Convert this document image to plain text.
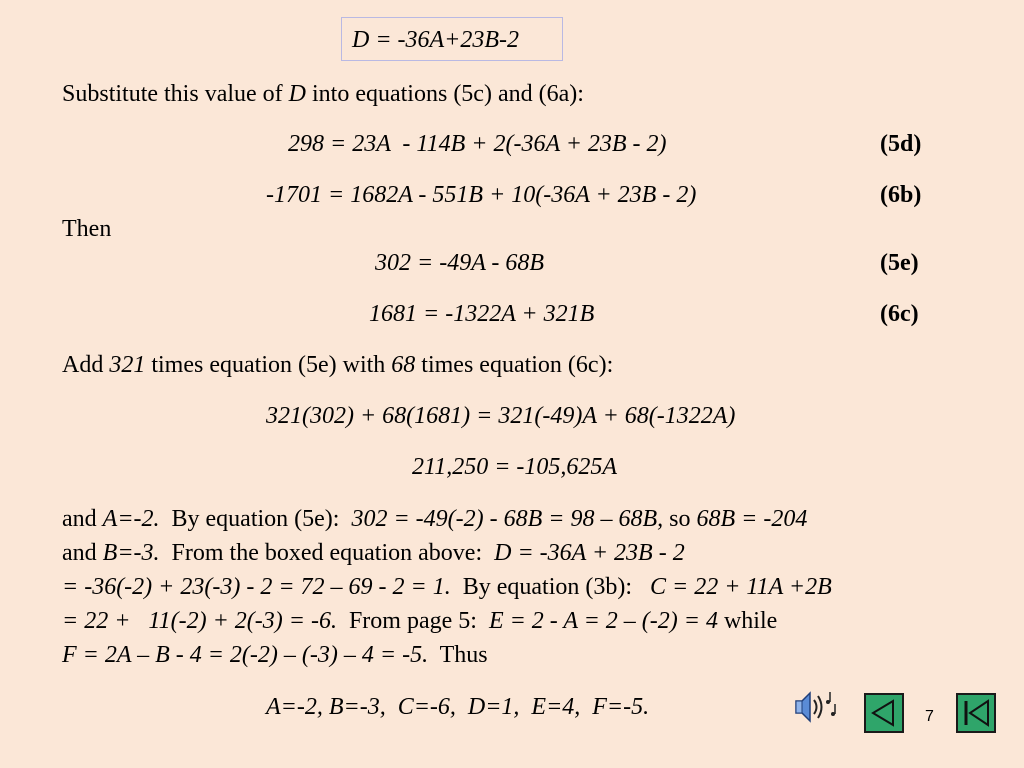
D = -36A+23B-2
Substitute this value of D into equations (5c) and (6a):
298 = 23A  - 114B + 2(-36A + 23B - 2)	(5d)
-1701 = 1682A - 551B + 10(-36A + 23B - 2)	(6b)
Then
302 = -49A - 68B	(5e)
1681 = -1322A + 321B	(6c)
Add 321 times equation (5e) with 68 times equation (6c):
321(302) + 68(1681) = 321(-49)A + 68(-1322A)
211,250 = -105,625A
and A=-2.  By equation (5e):  302 = -49(-2) - 68B = 98 – 68B, so 68B = -204
and B=-3.  From the boxed equation above:  D = -36A + 23B - 2
= -36(-2) + 23(-3) - 2 = 72 – 69 - 2 = 1.  By equation (3b):   C = 22 + 11A +2B
= 22 +   11(-2) + 2(-3) = -6.  From page 5:  E = 2 - A = 2 – (-2) = 4 while
F = 2A – B - 4 = 2(-2) – (-3) – 4 = -5.  Thus
A=-2, B=-3,  C=-6,  D=1,  E=4,  F=-5.	7
